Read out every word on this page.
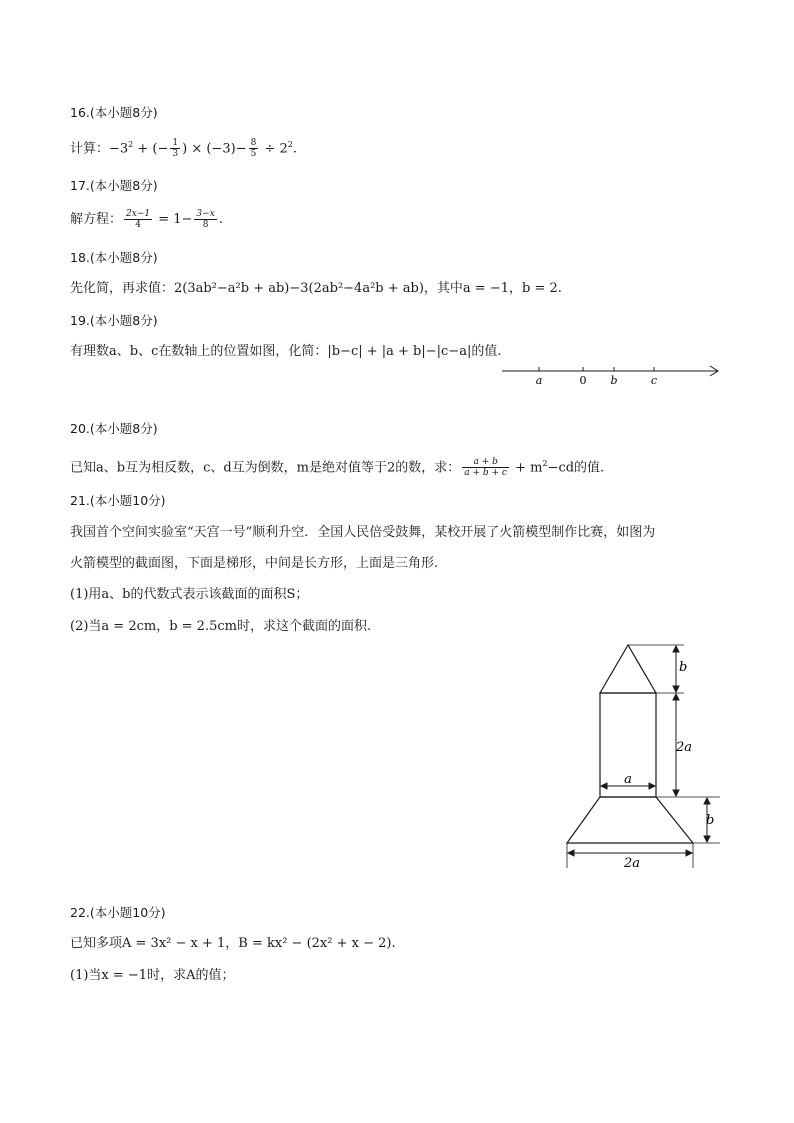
16.(本小题8分)
计算：$-3^2$ + (− $\frac{1}{3}$ ) × $(-3)- \frac{8}{5} \div 2^2$.
17.(本小题8分)
解方程： $\frac{2x-1}{4} = 1- \frac{3-x}{8}$ .
18.(本小题8分)
先化简，再求值：2(3ab²−a²b + ab)−3(2ab²−4a²b + ab)，其中a = −1，b = 2.
19.(本小题8分)
有理数a、b、c在数轴上的位置如图，化简：|b−c| + |a + b|−|c−a|的值.
a	0 b	c
20.(本小题8分)
已知a、b互为相反数，c、d互为倒数，m是绝对值等于2的数，求： $\frac{a + b}{a + b + c} + m^2-cd$的值.
21.(本小题10分)
我国首个空间实验室“天宫一号”顺利升空．全国人民倍受鼓舞，某校开展了火箭模型制作比赛，如图为
火箭模型的截面图，下面是梯形，中间是长方形，上面是三角形.
(1)用a、b的代数式表示该截面的面积S；
(2)当a = 2cm，b = 2.5cm时，求这个截面的面积.
b
2a
a
b
2a
22.(本小题10分)
已知多项A = 3x² − x + 1，B = kx² − (2x² + x − 2).
(1)当x = −1时，求A的值；
